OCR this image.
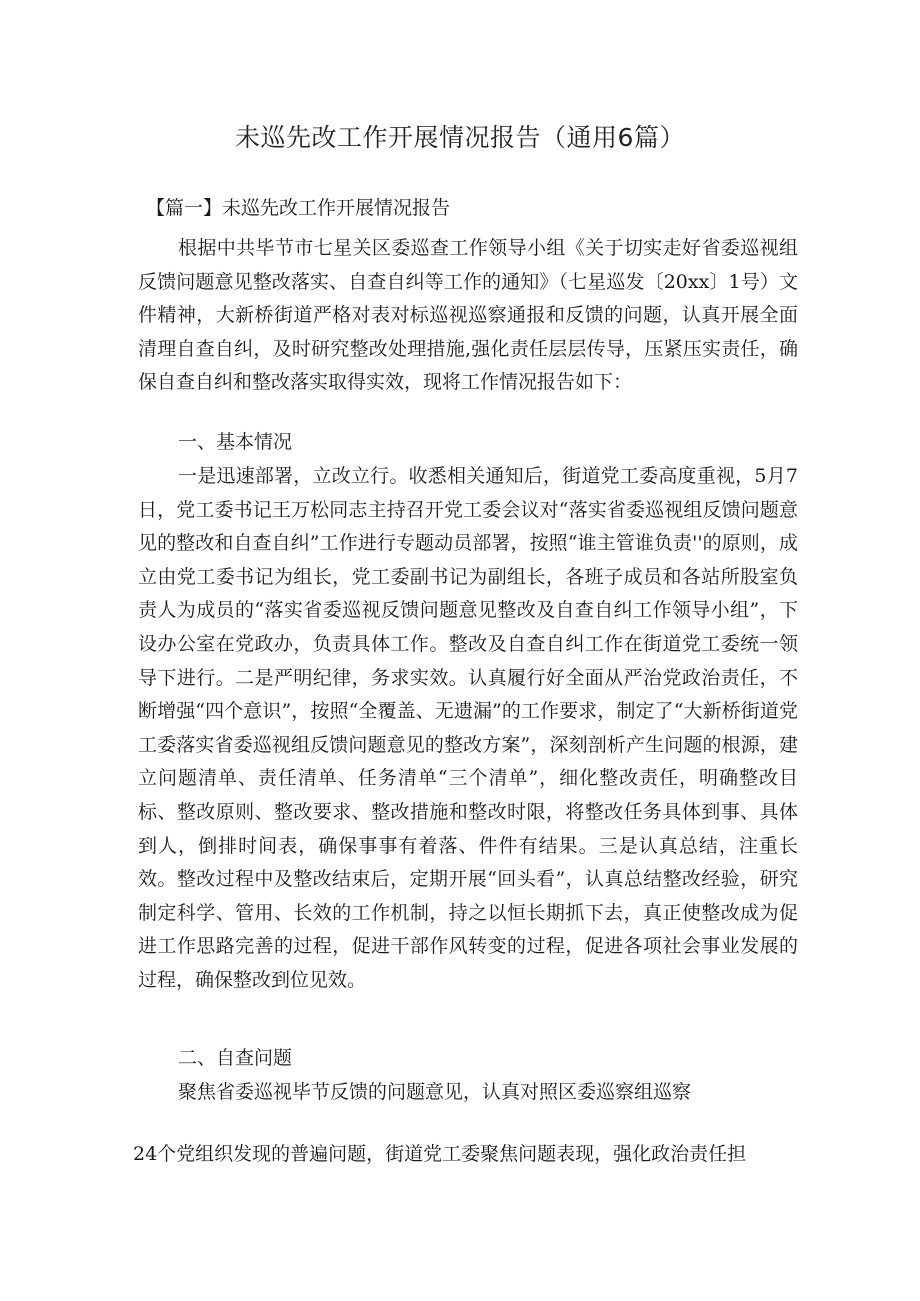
未巡先改工作开展情况报告（通用6篇）
【篇一】未巡先改工作开展情况报告

根据中共毕节市七星关区委巡查工作领导小组《关于切实走好省委巡视组反馈问题意见整改落实、自查自纠等工作的通知》（七星巡发〔20xx〕1号）文件精神，大新桥街道严格对表对标巡视巡察通报和反馈的问题，认真开展全面清理自查自纠，及时研究整改处理措施,强化责任层层传导，压紧压实责任，确保自查自纠和整改落实取得实效，现将工作情况报告如下：

一、基本情况

一是迅速部署，立改立行。收悉相关通知后，街道党工委高度重视，5月7日，党工委书记王万松同志主持召开党工委会议对“落实省委巡视组反馈问题意见的整改和自查自纠”工作进行专题动员部署，按照“谁主管谁负责''的原则，成立由党工委书记为组长，党工委副书记为副组长，各班子成员和各站所股室负责人为成员的“落实省委巡视反馈问题意见整改及自查自纠工作领导小组”，下设办公室在党政办，负责具体工作。整改及自查自纠工作在街道党工委统一领导下进行。二是严明纪律，务求实效。认真履行好全面从严治党政治责任，不断增强“四个意识”，按照“全覆盖、无遗漏”的工作要求，制定了“大新桥街道党工委落实省委巡视组反馈问题意见的整改方案”，深刻剖析产生问题的根源，建立问题清单、责任清单、任务清单“三个清单”，细化整改责任，明确整改目标、整改原则、整改要求、整改措施和整改时限，将整改任务具体到事、具体到人，倒排时间表，确保事事有着落、件件有结果。三是认真总结，注重长效。整改过程中及整改结束后，定期开展“回头看”，认真总结整改经验，研究制定科学、管用、长效的工作机制，持之以恒长期抓下去，真正使整改成为促进工作思路完善的过程，促进干部作风转变的过程，促进各项社会事业发展的过程，确保整改到位见效。

二、自查问题

聚焦省委巡视毕节反馈的问题意见，认真对照区委巡察组巡察

24个党组织发现的普遍问题，街道党工委聚焦问题表现，强化政治责任担
